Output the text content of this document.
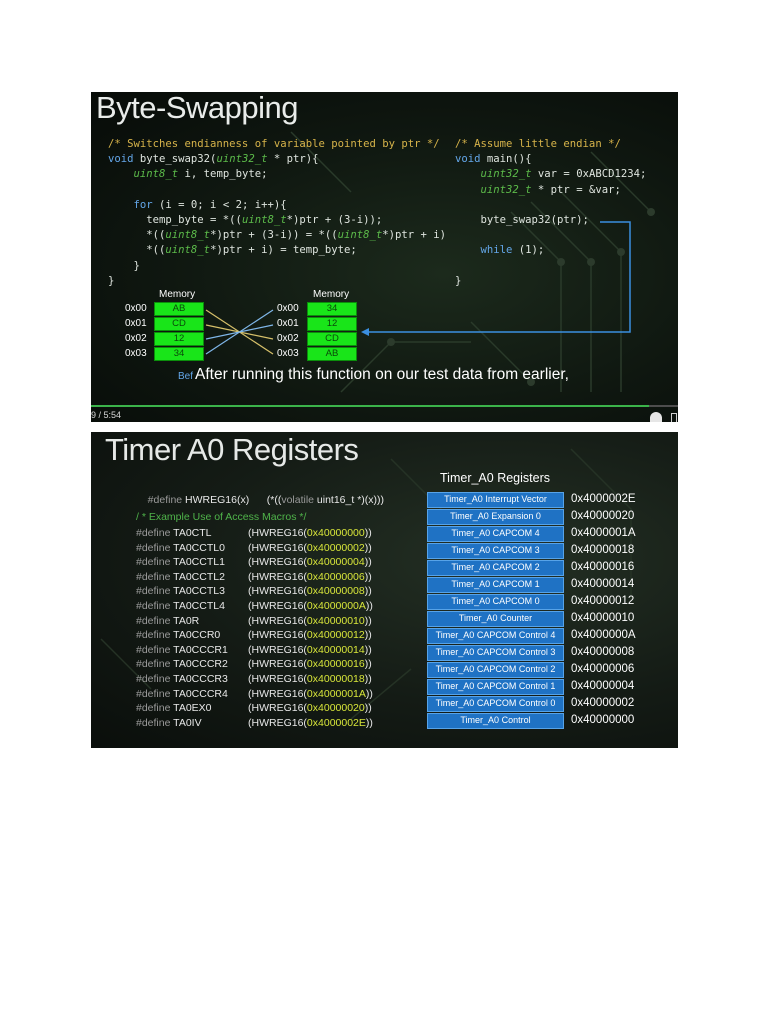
Byte-Swapping
/* Switches endianness of variable pointed by ptr */
void byte_swap32(uint32_t * ptr){
uint8_t i, temp_byte;
for (i = 0; i < 2; i++){
temp_byte = *((uint8_t*)ptr + (3-i));
*((uint8_t*)ptr + (3-i)) = *((uint8_t*)ptr + i)
*((uint8_t*)ptr + i) = temp_byte;
}
}
/* Assume little endian */
void main(){
uint32_t var = 0xABCD1234;
uint32_t * ptr = &var;
byte_swap32(ptr);
while (1);
}
Memory
0x00	AB
0x01	CD
0x02	12
0x03	34
Memory
0x00	34
0x01	12
0x02	CD
0x03	AB
Bef After running this function on our test data from earlier,
9 / 5:54
Timer A0 Registers

#define HWREG16(x) (*((volatile uint16_t *)(x)))

/ * Example Use of Access Macros */
#define TA0CTL	(HWREG16(0x40000000))
#define TA0CCTL0 (HWREG16(0x40000002))
#define TA0CCTL1 (HWREG16(0x40000004))
#define TA0CCTL2 (HWREG16(0x40000006))
#define TA0CCTL3 (HWREG16(0x40000008))
#define TA0CCTL4 (HWREG16(0x4000000A))
#define TA0R	(HWREG16(0x40000010))
#define TA0CCR0	(HWREG16(0x40000012))
#define TA0CCCR1 (HWREG16(0x40000014))
#define TA0CCCR2 (HWREG16(0x40000016))
#define TA0CCCR3 (HWREG16(0x40000018))
#define TA0CCCR4 (HWREG16(0x4000001A))
#define TA0EX0	(HWREG16(0x40000020))
#define TA0IV	(HWREG16(0x4000002E))
Timer_A0 Registers
Timer_A0 Interrupt Vector	0x4000002E
Timer_A0 Expansion 0	0x40000020
Timer_A0 CAPCOM 4	0x4000001A
Timer_A0 CAPCOM 3	0x40000018
Timer_A0 CAPCOM 2	0x40000016
Timer_A0 CAPCOM 1	0x40000014
Timer_A0 CAPCOM 0	0x40000012
Timer_A0 Counter	0x40000010
Timer_A0 CAPCOM Control 4	0x4000000A
Timer_A0 CAPCOM Control 3	0x40000008
Timer_A0 CAPCOM Control 2	0x40000006
Timer_A0 CAPCOM Control 1	0x40000004
Timer_A0 CAPCOM Control 0	0x40000002
Timer_A0 Control	0x40000000
